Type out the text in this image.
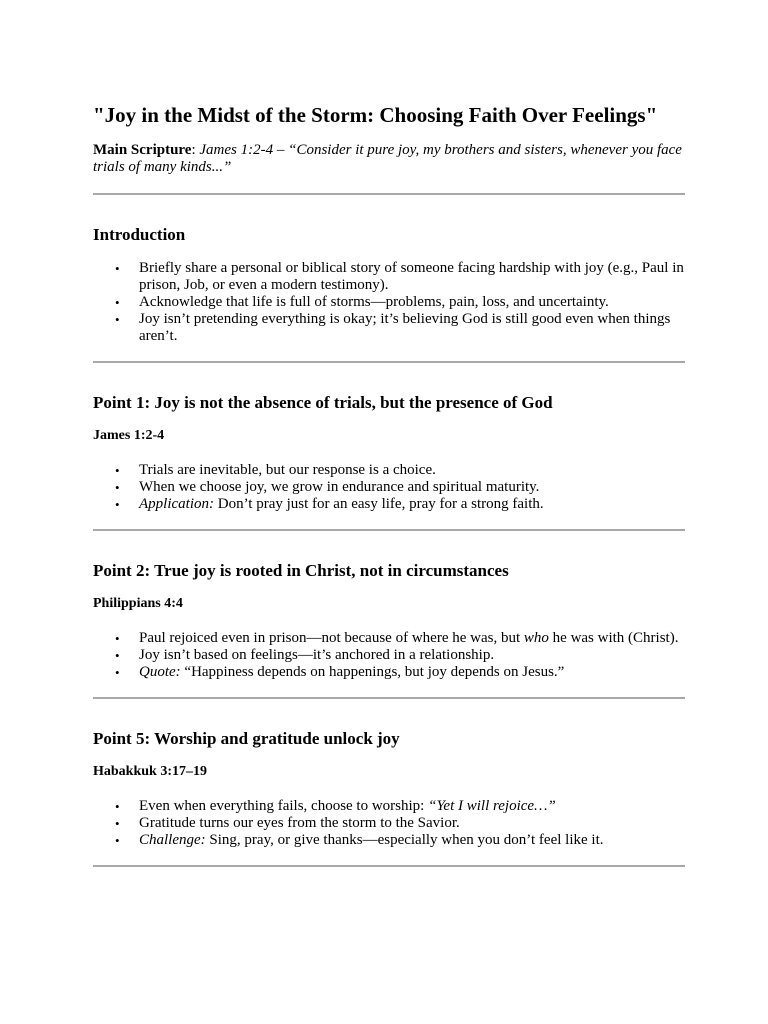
"Joy in the Midst of the Storm: Choosing Faith Over Feelings"

Main Scripture: James 1:2-4 – “Consider it pure joy, my brothers and sisters, whenever you face trials of many kinds...”

Introduction
• Briefly share a personal or biblical story of someone facing hardship with joy (e.g., Paul in prison, Job, or even a modern testimony).
• Acknowledge that life is full of storms—problems, pain, loss, and uncertainty.
• Joy isn’t pretending everything is okay; it’s believing God is still good even when things aren’t.
Point 1: Joy is not the absence of trials, but the presence of God

James 1:2-4

• Trials are inevitable, but our response is a choice.
• When we choose joy, we grow in endurance and spiritual maturity.
• Application: Don’t pray just for an easy life, pray for a strong faith.
Point 2: True joy is rooted in Christ, not in circumstances

Philippians 4:4

• Paul rejoiced even in prison—not because of where he was, but who he was with (Christ).
• Joy isn’t based on feelings—it’s anchored in a relationship.
• Quote: “Happiness depends on happenings, but joy depends on Jesus.”
Point 5: Worship and gratitude unlock joy

Habakkuk 3:17–19

• Even when everything fails, choose to worship: “Yet I will rejoice…”
• Gratitude turns our eyes from the storm to the Savior.
• Challenge: Sing, pray, or give thanks—especially when you don’t feel like it.
